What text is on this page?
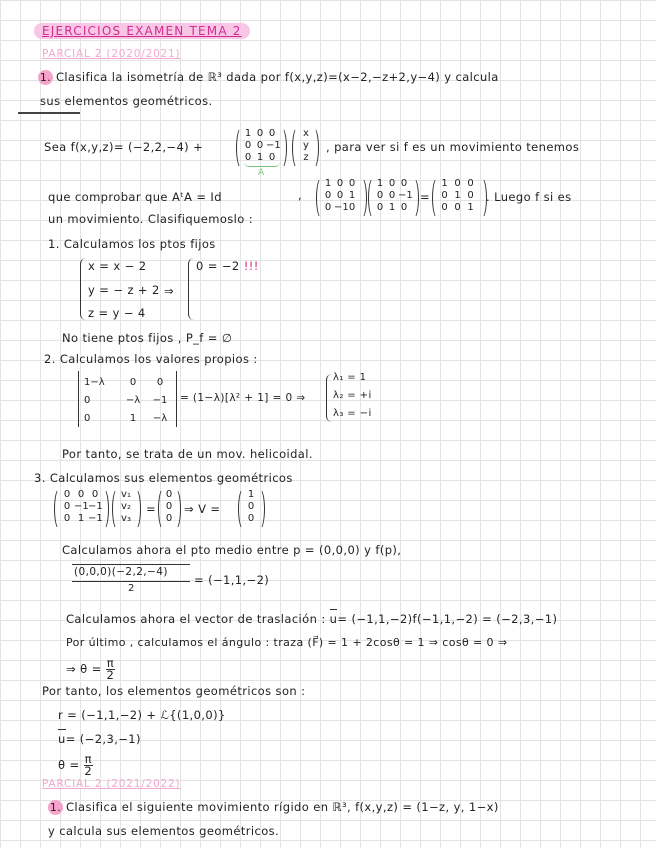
EJERCICIOS EXAMEN TEMA 2
PARCIAL 2 (2020/2021)
1. Clasifica la isometría de ℝ³ dada por f(x,y,z)=(x−2,−z+2,y−4) y calcula
sus elementos geométricos.
Sea f(x,y,z)= (−2,2,−4) +
1 0 0
0 0 −1
0 1 0
A
x
y
z
, para ver si f es un movimiento tenemos
que comprobar que AᵗA = Id	,
1 0 0
0 0 1
0 −1 0
1 0 0
0 0 −1
0 1 0
=
1 0 0
0 1 0
0 0 1
. Luego f si es
un movimiento. Clasifiquemoslo :
1. Calculamos los ptos fijos
x = x − 2
y = − z + 2
z = y − 4
⇒
0 = −2 !!!
No tiene ptos fijos , P_f = ∅
2. Calculamos los valores propios :
1−λ	0	0
0	−λ	−1
0	1	−λ
= (1−λ)[λ² + 1] = 0 ⇒
λ₁ = 1
λ₂ = +i
λ₃ = −i
Por tanto, se trata de un mov. helicoidal.
3. Calculamos sus elementos geométricos
0 0 0
0 −1 −1
0 1 −1
v₁
v₂
v₃
=
0
0
0
⇒ V =
1
0
0
Calculamos ahora el pto medio entre p = (0,0,0) y f(p),
(0,0,0)(−2,2,−4)
2
= (−1,1,−2)
Calculamos ahora el vector de traslación : u= (−1,1,−2)f(−1,1,−2) = (−2,3,−1)
Por último , calculamos el ángulo : traza (F⃗) = 1 + 2cosθ = 1 ⇒ cosθ = 0 ⇒
⇒ $\theta = \frac{\pi}{2}$
Por tanto, los elementos geométricos son :
r = (−1,1,−2) + ℒ{(1,0,0)}
u= (−2,3,−1)
$\theta = \frac{\pi}{2}$
PARCIAL 2 (2021/2022)
1. Clasifica el siguiente movimiento rígido en ℝ³, f(x,y,z) = (1−z, y, 1−x)
y calcula sus elementos geométricos.
